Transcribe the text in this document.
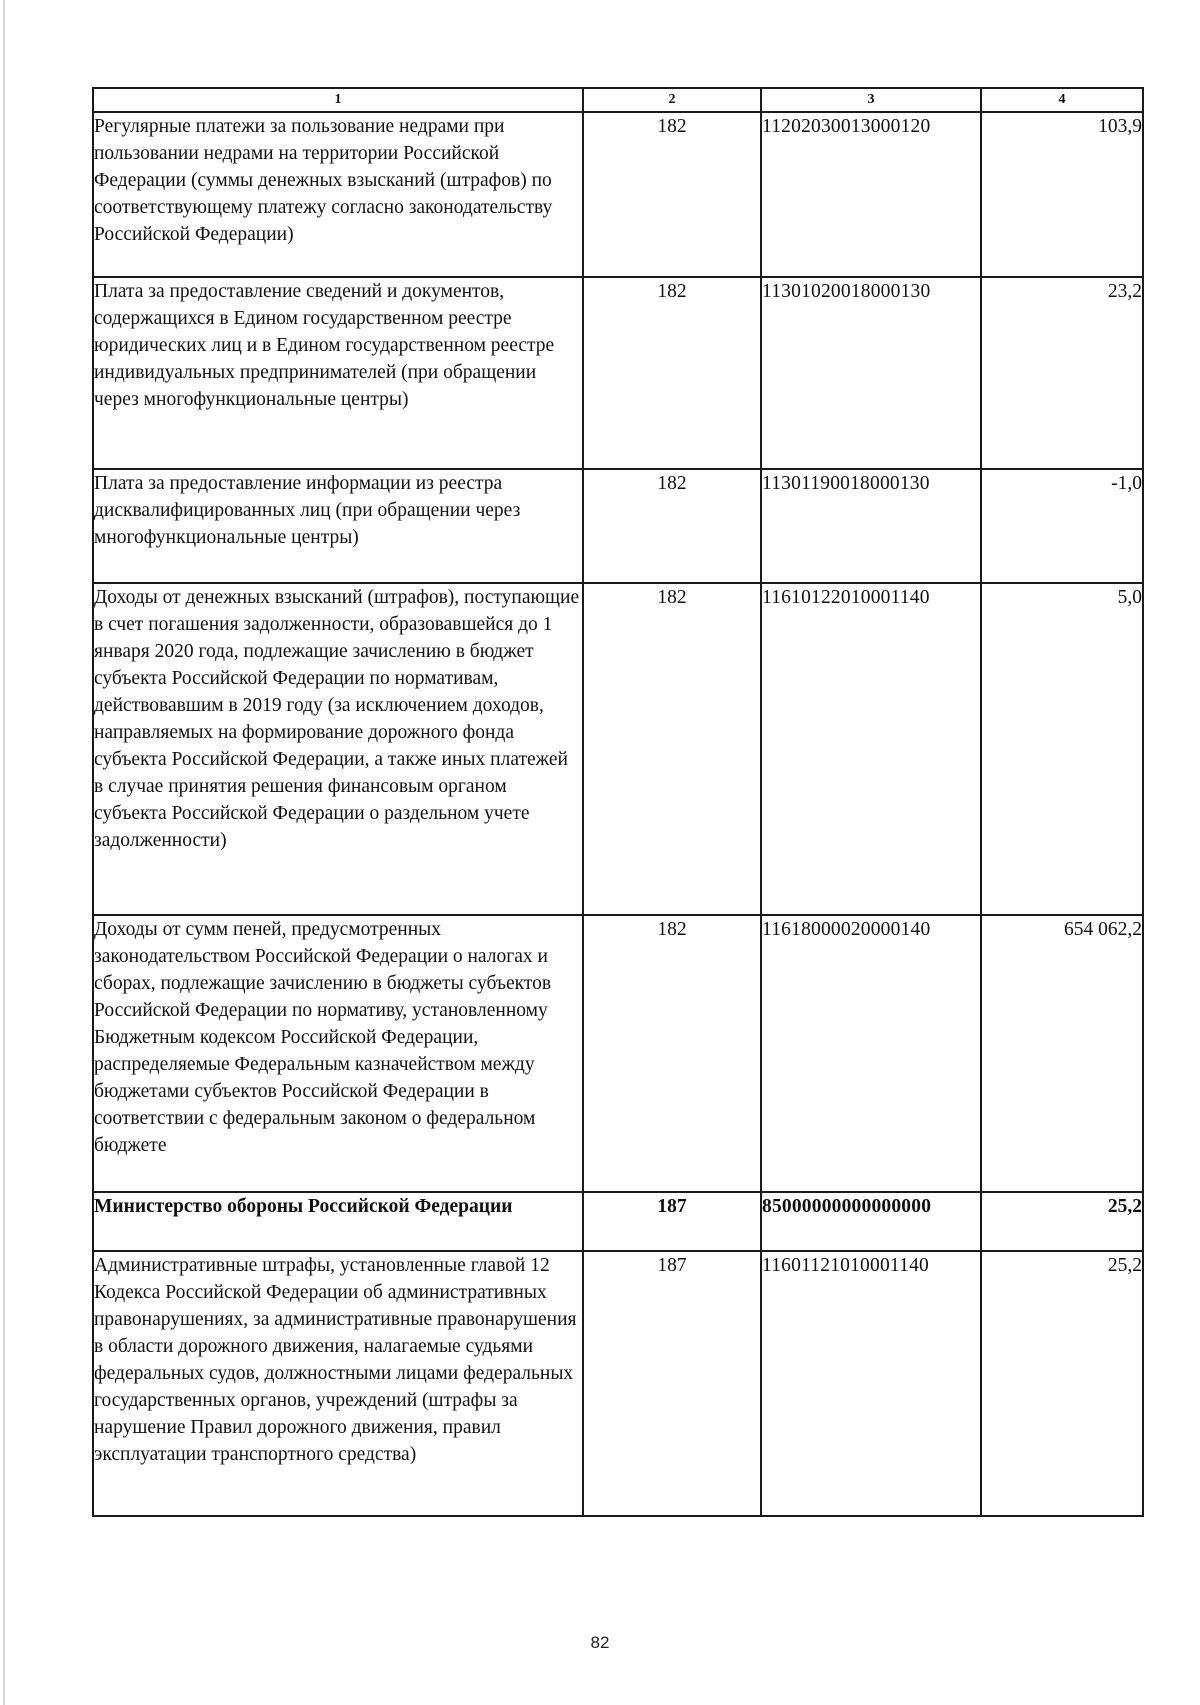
1	2	3	4
Регулярные платежи за пользование недрами при пользовании недрами на территории Российской Федерации (суммы денежных взысканий (штрафов) по соответствующему платежу согласно законодательству Российской Федерации)	182	11202030013000120	103,9
Плата за предоставление сведений и документов, содержащихся в Едином государственном реестре юридических лиц и в Едином государственном реестре индивидуальных предпринимателей (при обращении через многофункциональные центры)	182	11301020018000130	23,2
Плата за предоставление информации из реестра дисквалифицированных лиц (при обращении через многофункциональные центры)	182	11301190018000130	-1,0
Доходы от денежных взысканий (штрафов), поступающие в счет погашения задолженности, образовавшейся до 1 января 2020 года, подлежащие зачислению в бюджет субъекта Российской Федерации по нормативам, действовавшим в 2019 году (за исключением доходов, направляемых на формирование дорожного фонда субъекта Российской Федерации, а также иных платежей в случае принятия решения финансовым органом субъекта Российской Федерации о раздельном учете задолженности)	182	11610122010001140	5,0
Доходы от сумм пеней, предусмотренных законодательством Российской Федерации о налогах и сборах, подлежащие зачислению в бюджеты субъектов Российской Федерации по нормативу, установленному Бюджетным кодексом Российской Федерации, распределяемые Федеральным казначейством между бюджетами субъектов Российской Федерации в соответствии с федеральным законом о федеральном бюджете	182	11618000020000140	654 062,2
Министерство обороны Российской Федерации	187	85000000000000000	25,2
Административные штрафы, установленные главой 12 Кодекса Российской Федерации об административных правонарушениях, за административные правонарушения в области дорожного движения, налагаемые судьями федеральных судов, должностными лицами федеральных государственных органов, учреждений (штрафы за нарушение Правил дорожного движения, правил эксплуатации транспортного средства)	187	11601121010001140	25,2
82
